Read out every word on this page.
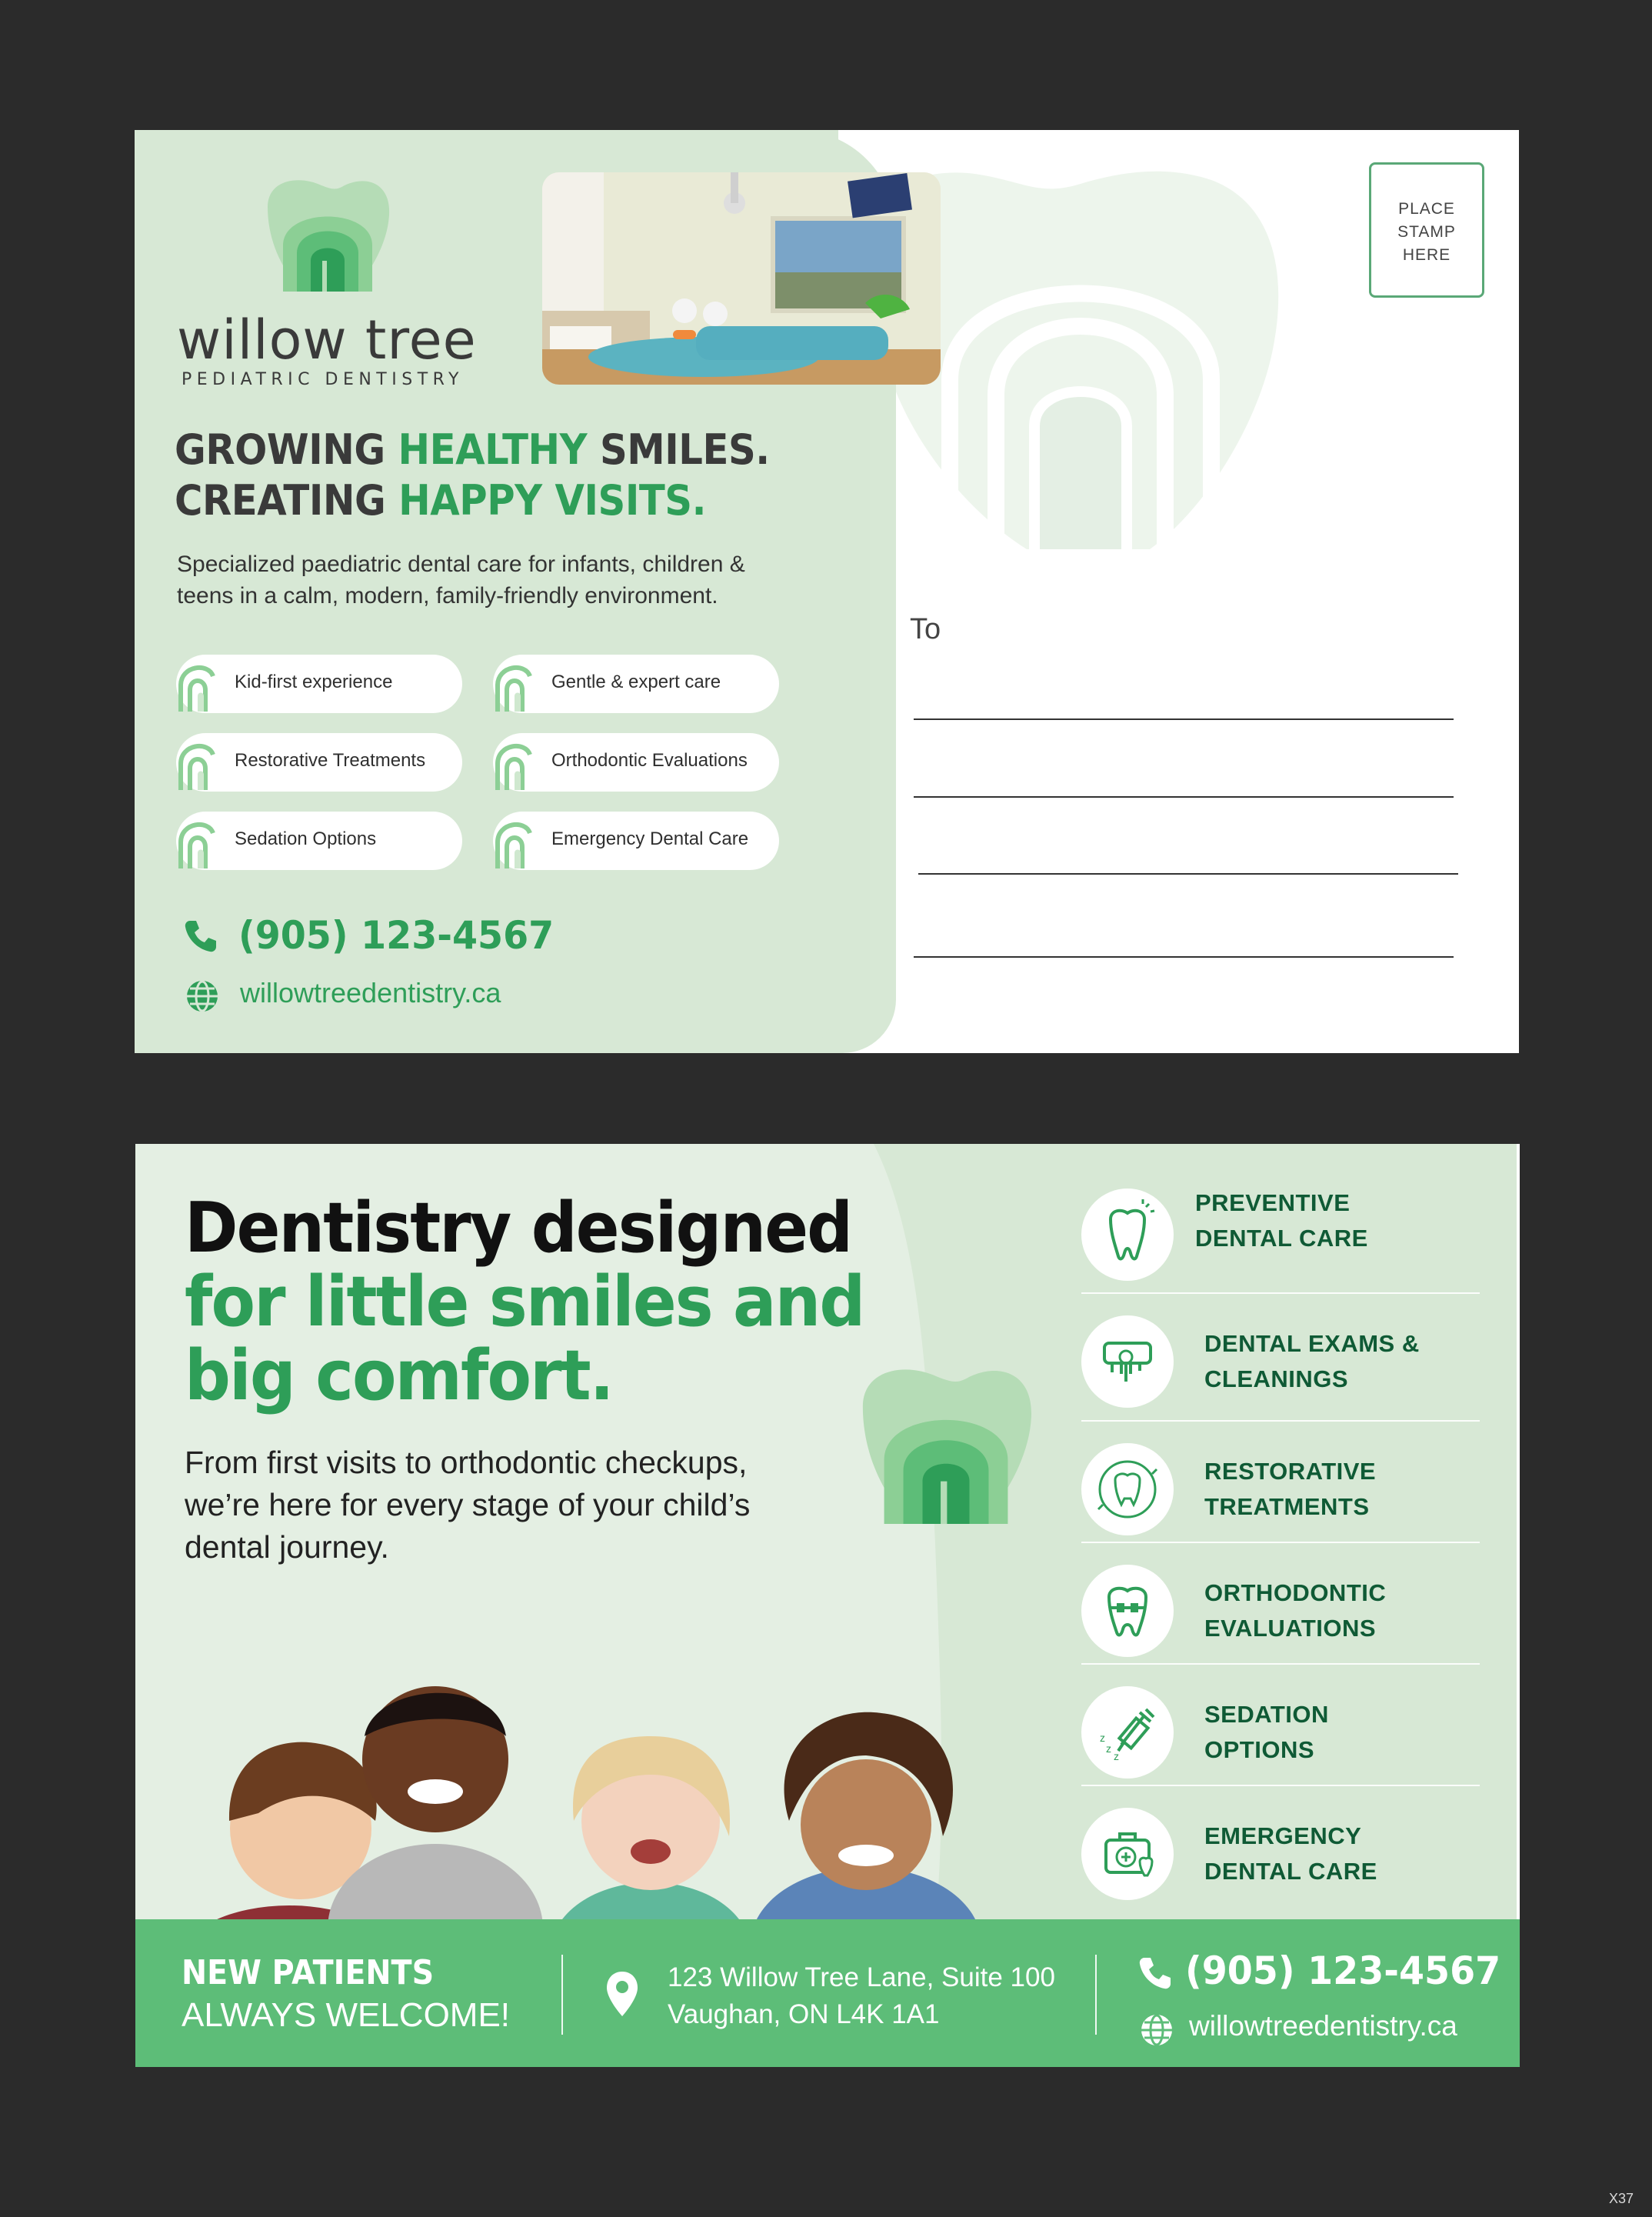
willow tree
PEDIATRIC DENTISTRY
GROWING HEALTHY SMILES.
CREATING HAPPY VISITS.
Specialized paediatric dental care for infants, children &
teens in a calm, modern, family-friendly environment.
Kid-first experience	Gentle & expert care
Restorative Treatments	Orthodontic Evaluations
Sedation Options	Emergency Dental Care
(905) 123-4567
willowtreedentistry.ca
PLACE
STAMP
HERE
To
Dentistry designed
for little smiles and
big comfort.
From first visits to orthodontic checkups,
we’re here for every stage of your child’s
dental journey.
PREVENTIVE
DENTAL CARE
DENTAL EXAMS &
CLEANINGS
RESTORATIVE
TREATMENTS
ORTHODONTIC
EVALUATIONS
z
z
z
SEDATION
OPTIONS
EMERGENCY
DENTAL CARE
NEW PATIENTS
ALWAYS WELCOME!
123 Willow Tree Lane, Suite 100
Vaughan, ON L4K 1A1
(905) 123-4567
willowtreedentistry.ca
X37
